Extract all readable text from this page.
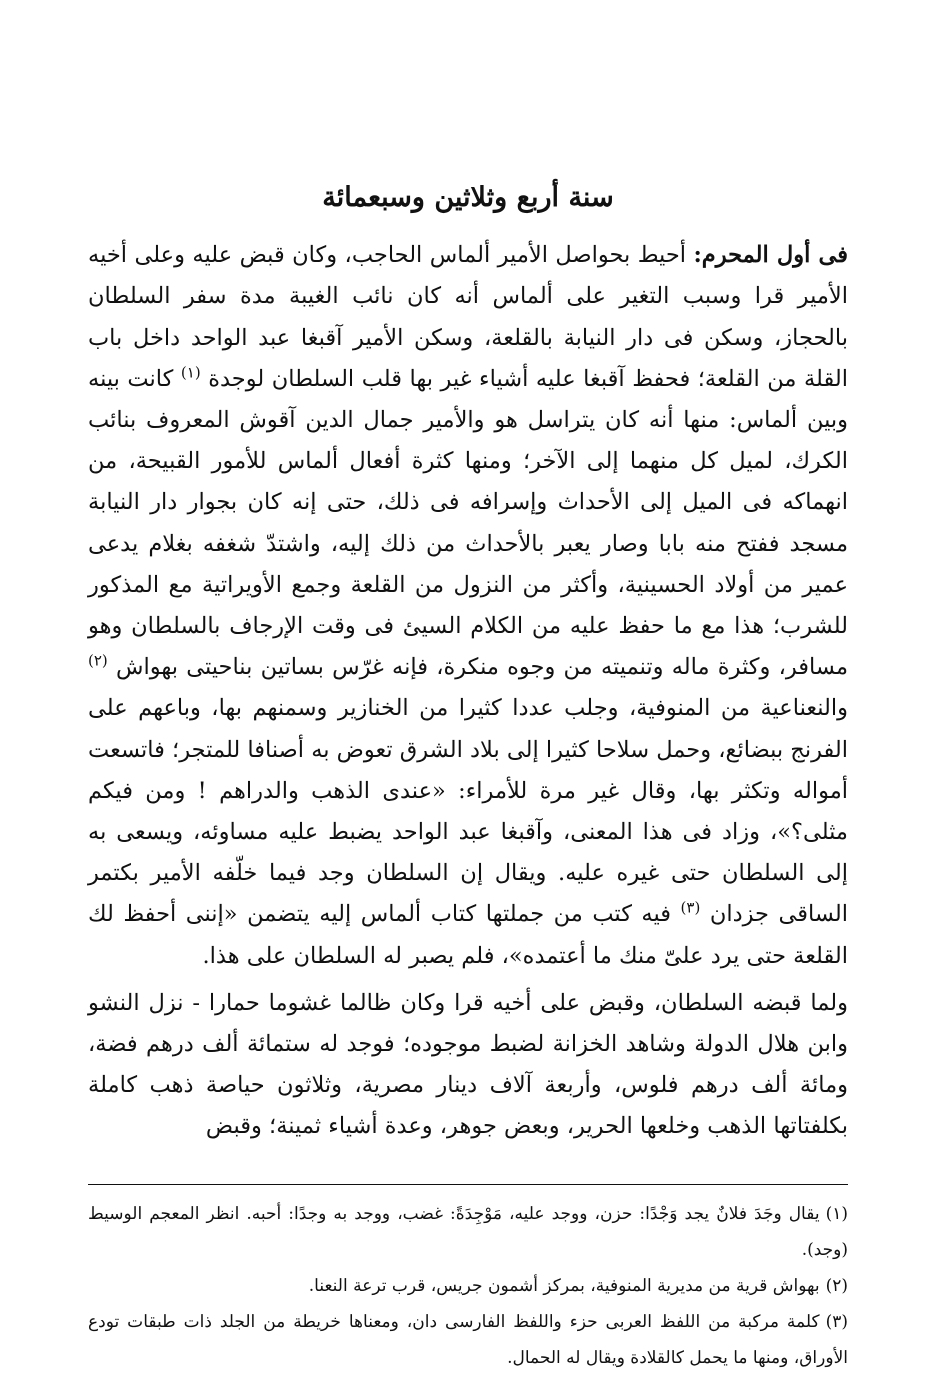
سنة أربع وثلاثين وسبعمائة

فى أول المحرم: أحيط بحواصل الأمير ألماس الحاجب، وكان قبض عليه وعلى أخيه الأمير قرا وسبب التغير على ألماس أنه كان نائب الغيبة مدة سفر السلطان بالحجاز، وسكن فى دار النيابة بالقلعة، وسكن الأمير آقبغا عبد الواحد داخل باب القلة من القلعة؛ فحفظ آقبغا عليه أشياء غير بها قلب السلطان لوجدة $^{(١)}$ كانت بينه وبين ألماس: منها أنه كان يتراسل هو والأمير جمال الدين آقوش المعروف بنائب الكرك، لميل كل منهما إلى الآخر؛ ومنها كثرة أفعال ألماس للأمور القبيحة، من انهماكه فى الميل إلى الأحداث وإسرافه فى ذلك، حتى إنه كان بجوار دار النيابة مسجد ففتح منه بابا وصار يعبر بالأحداث من ذلك إليه، واشتدّ شغفه بغلام يدعى عمير من أولاد الحسينية، وأكثر من النزول من القلعة وجمع الأويراتية مع المذكور للشرب؛ هذا مع ما حفظ عليه من الكلام السيئ فى وقت الإرجاف بالسلطان وهو مسافر، وكثرة ماله وتنميته من وجوه منكرة، فإنه غرّس بساتين بناحيتى بهواش $^{(٢)}$ والنعناعية من المنوفية، وجلب عددا كثيرا من الخنازير وسمنهم بها، وباعهم على الفرنج ببضائع، وحمل سلاحا كثيرا إلى بلاد الشرق تعوض به أصنافا للمتجر؛ فاتسعت أمواله وتكثر بها، وقال غير مرة للأمراء: «عندى الذهب والدراهم ! ومن فيكم مثلى؟»، وزاد فى هذا المعنى، وآقبغا عبد الواحد يضبط عليه مساوئه، ويسعى به إلى السلطان حتى غيره عليه. ويقال إن السلطان وجد فيما خلّفه الأمير بكتمر الساقى جزدان $^{(٣)}$ فيه كتب من جملتها كتاب ألماس إليه يتضمن «إننى أحفظ لك القلعة حتى يرد علىّ منك ما أعتمده»، فلم يصبر له السلطان على هذا.

ولما قبضه السلطان، وقبض على أخيه قرا وكان ظالما غشوما حمارا - نزل النشو وابن هلال الدولة وشاهد الخزانة لضبط موجوده؛ فوجد له ستمائة ألف درهم فضة، ومائة ألف درهم فلوس، وأربعة آلاف دينار مصرية، وثلاثون حياصة ذهب كاملة بكلفتاتها الذهب وخلعها الحرير، وبعض جوهر، وعدة أشياء ثمينة؛ وقبض

(١)يقال وجَدَ فلانٌ يجد وَجْدًا: حزن، ووجد عليه، مَوْجِدَةً: غضب، ووجد به وجدًا: أحبه. انظر المعجم الوسيط (وجد).

(٢)بهواش قرية من مديرية المنوفية، بمركز أشمون جريس، قرب ترعة النعنا.

(٣)كلمة مركبة من اللفظ العربى حزء واللفظ الفارسى دان، ومعناها خريطة من الجلد ذات طبقات تودع الأوراق، ومنها ما يحمل كالقلادة ويقال له الحمال.
